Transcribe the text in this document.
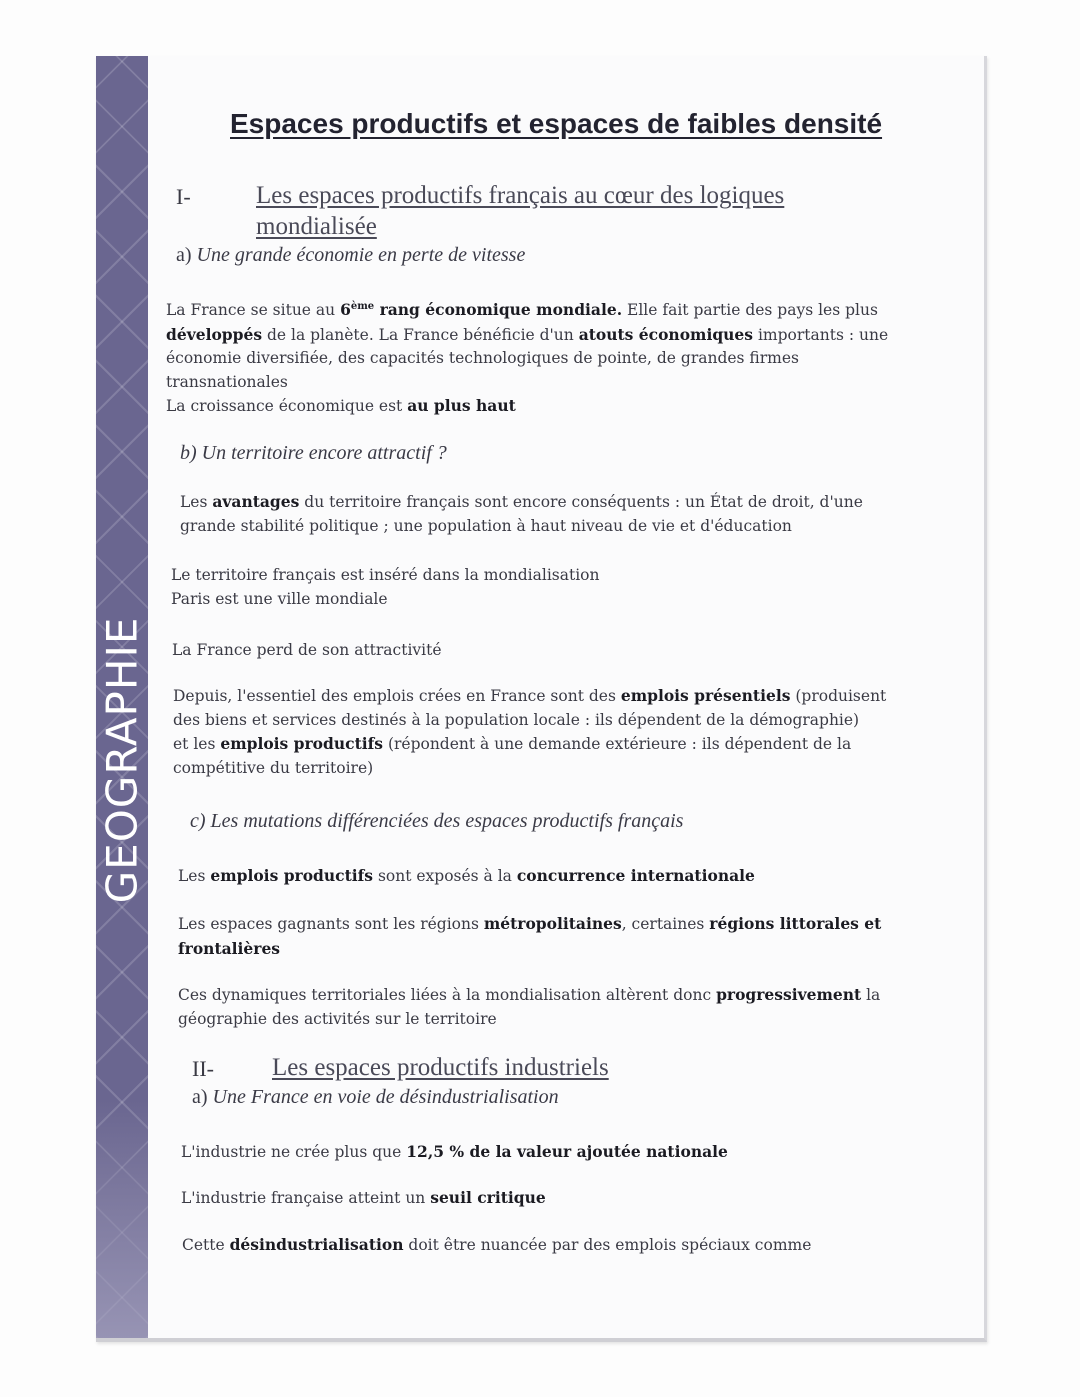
GEOGRAPHIE
Espaces productifs et espaces de faibles densité
I-	Les espaces productifs français au cœur des logiques
mondialisée
a) Une grande économie en perte de vitesse
La France se situe au 6ème rang économique mondiale. Elle fait partie des pays les plus
développés de la planète. La France bénéficie d'un atouts économiques importants : une
économie diversifiée, des capacités technologiques de pointe, de grandes firmes
transnationales
La croissance économique est au plus haut
b) Un territoire encore attractif ?
Les avantages du territoire français sont encore conséquents : un État de droit, d'une
grande stabilité politique ; une population à haut niveau de vie et d'éducation
Le territoire français est inséré dans la mondialisation
Paris est une ville mondiale
La France perd de son attractivité
Depuis, l'essentiel des emplois crées en France sont des emplois présentiels (produisent
des biens et services destinés à la population locale : ils dépendent de la démographie)
et les emplois productifs (répondent à une demande extérieure : ils dépendent de la
compétitive du territoire)
c) Les mutations différenciées des espaces productifs français
Les emplois productifs sont exposés à la concurrence internationale
Les espaces gagnants sont les régions métropolitaines, certaines régions littorales et
frontalières
Ces dynamiques territoriales liées à la mondialisation altèrent donc progressivement la
géographie des activités sur le territoire
II- Les espaces productifs industriels
a) Une France en voie de désindustrialisation
L'industrie ne crée plus que 12,5 % de la valeur ajoutée nationale
L'industrie française atteint un seuil critique
Cette désindustrialisation doit être nuancée par des emplois spéciaux comme
